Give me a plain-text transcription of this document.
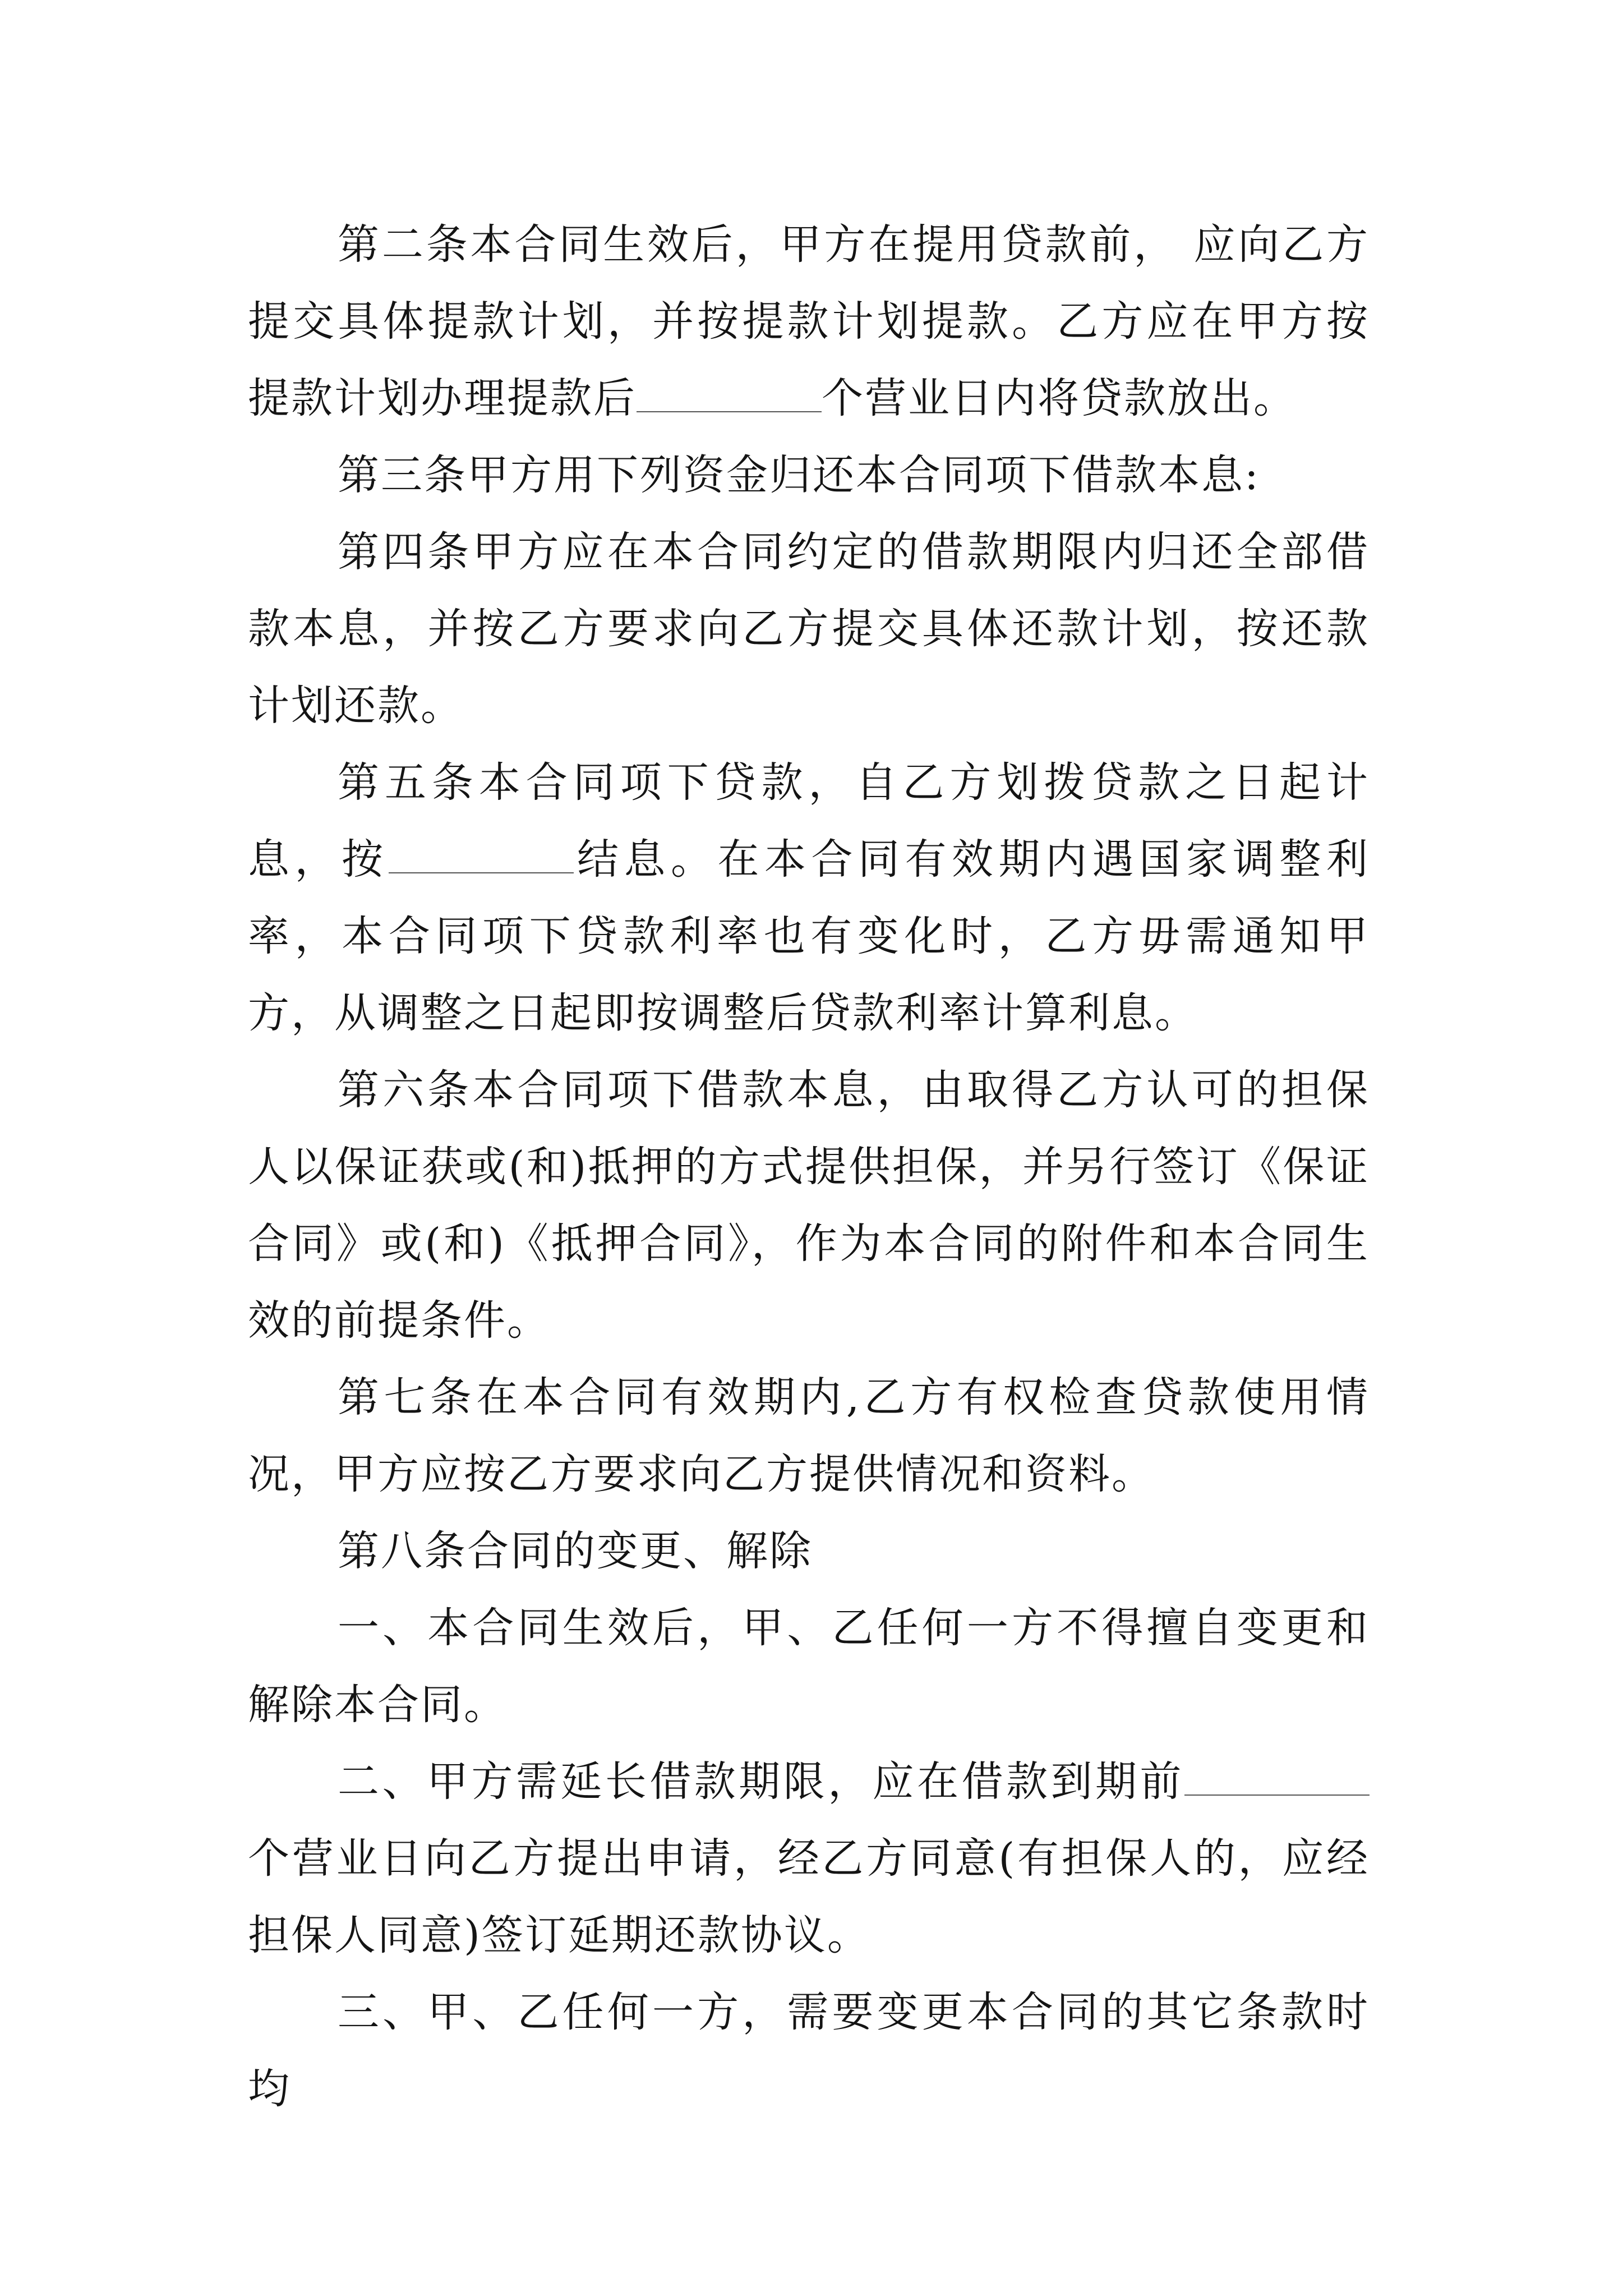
第二条本合同生效后，甲方在提用贷款前， 应向乙方提交具体提款计划，并按提款计划提款。乙方应在甲方按提款计划办理提款后	个营业日内将贷款放出。

第三条甲方用下列资金归还本合同项下借款本息:

第四条甲方应在本合同约定的借款期限内归还全部借款本息，并按乙方要求向乙方提交具体还款计划，按还款计划还款。

第五条本合同项下贷款，自乙方划拨贷款之日起计息，按	结息。在本合同有效期内遇国家调整利率，本合同项下贷款利率也有变化时，乙方毋需通知甲方，从调整之日起即按调整后贷款利率计算利息。

第六条本合同项下借款本息，由取得乙方认可的担保人以保证获或(和)抵押的方式提供担保，并另行签订《保证合同》或(和)《抵押合同》，作为本合同的附件和本合同生效的前提条件。

第七条在本合同有效期内,乙方有权检查贷款使用情况，甲方应按乙方要求向乙方提供情况和资料。

第八条合同的变更、解除

一、本合同生效后，甲、乙任何一方不得擅自变更和解除本合同。

二、甲方需延长借款期限，应在借款到期前个营业日向乙方提出申请，经乙方同意(有担保人的，应经担保人同意)签订延期还款协议。

三、甲、乙任何一方，需要变更本合同的其它条款时均
